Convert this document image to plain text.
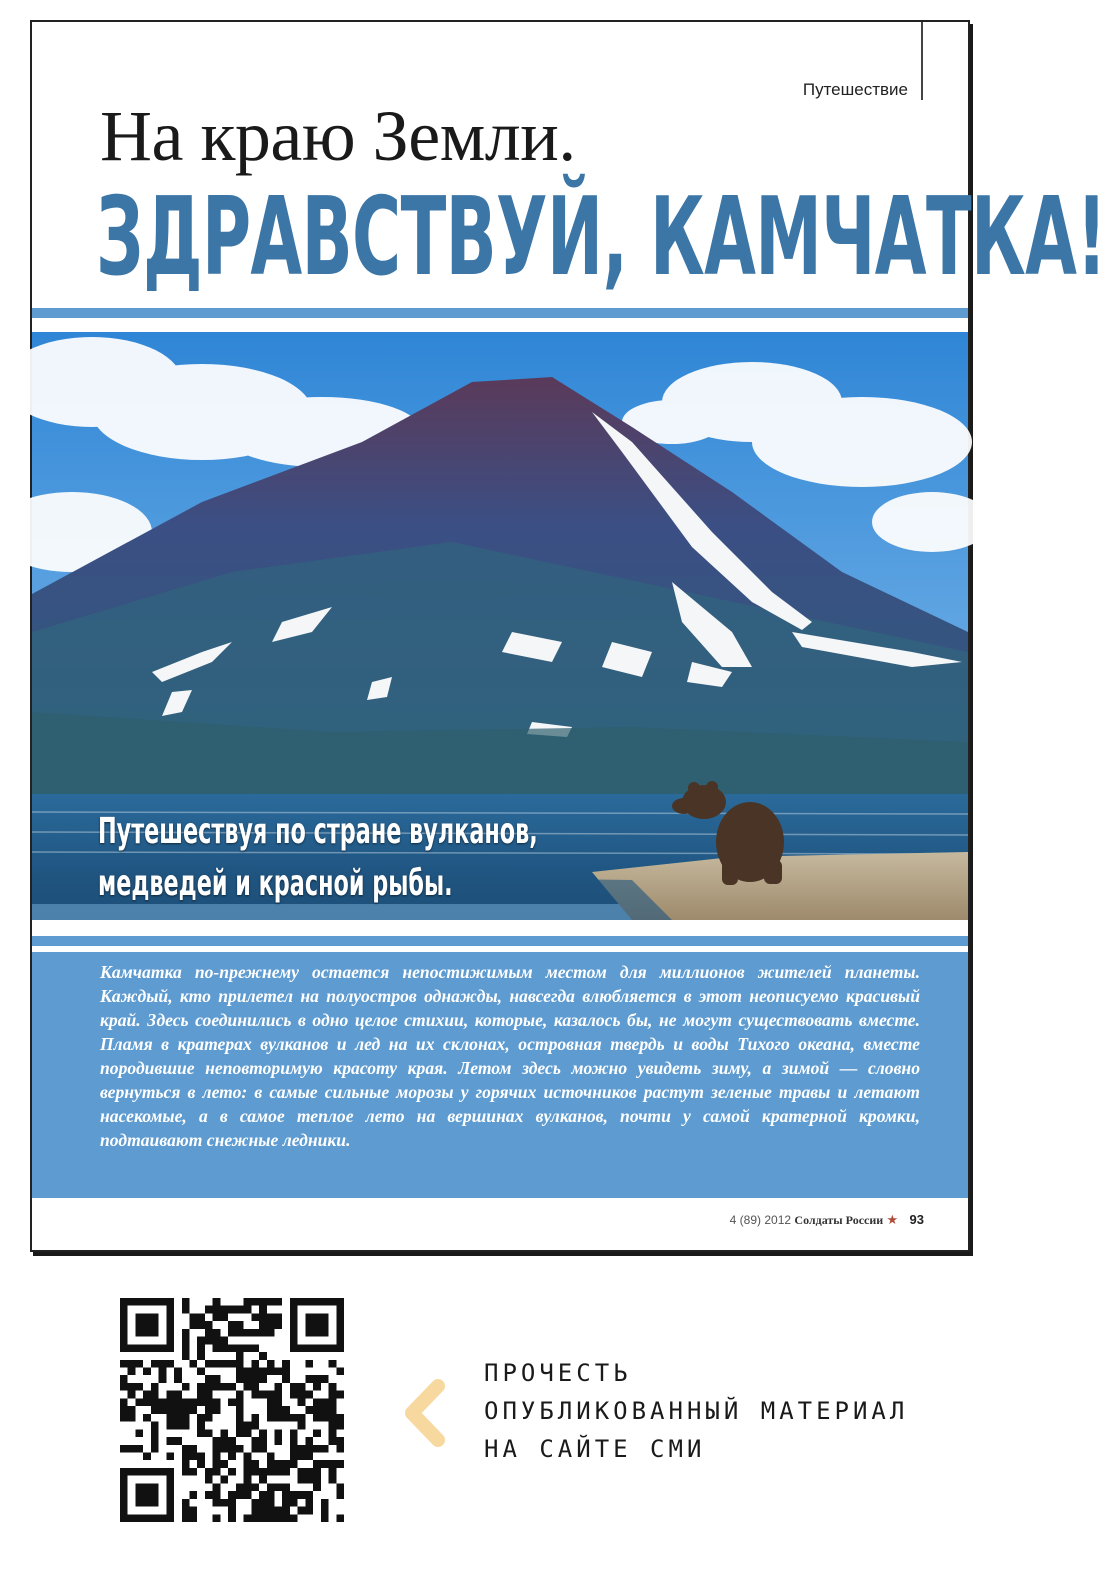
Путешествие
На краю Земли.
ЗДРАВСТВУЙ, КАМЧАТКА!
Путешествуя по стране вулканов,
медведей и красной рыбы.

Камчатка по-прежнему остается непостижимым местом для миллионов жителей планеты. Каждый, кто прилетел на полуостров однажды, навсегда влюбляется в этот неописуемо красивый край. Здесь соединились в одно целое стихии, которые, казалось бы, не могут существовать вместе. Пламя в кратерах вулканов и лед на их склонах, островная твердь и воды Тихого океана, вместе породившие неповторимую красоту края. Летом здесь можно увидеть зиму, а зимой — словно вернуться в лето: в самые сильные морозы у горячих источников растут зеленые травы и летают насекомые, а в самое теплое лето на вершинах вулканов, почти у самой кратерной кромки, подтаивают снежные ледники.

4 (89) 2012 Солдаты России ★ 93
ПРОЧЕСТЬ
ОПУБЛИКОВАННЫЙ МАТЕРИАЛ
НА САЙТЕ СМИ
